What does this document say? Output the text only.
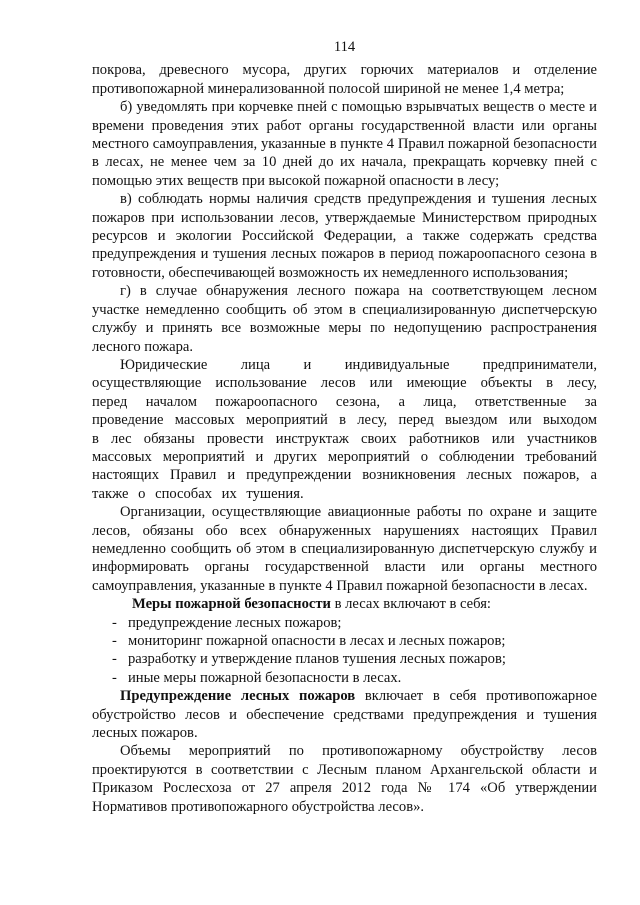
114

покрова, древесного мусора, других горючих материалов и отделение противопожарной минерализованной полосой шириной не менее 1,4 метра;

б) уведомлять при корчевке пней с помощью взрывчатых веществ о месте и времени проведения этих работ органы государственной власти или органы местного самоуправления, указанные в пункте 4 Правил пожарной безопасности в лесах, не менее чем за 10 дней до их начала, прекращать корчевку пней с помощью этих веществ при высокой пожарной опасности в лесу;

в) соблюдать нормы наличия средств предупреждения и тушения лесных пожаров при использовании лесов, утверждаемые Министерством природных ресурсов и экологии Российской Федерации, а также содержать средства предупреждения и тушения лесных пожаров в период пожароопасного сезона в готовности, обеспечивающей возможность их немедленного использования;

г) в случае обнаружения лесного пожара на соответствующем лесном участке немедленно сообщить об этом в специализированную диспетчерскую службу и принять все возможные меры по недопущению распространения лесного пожара.

Юридические лица и индивидуальные предприниматели, осуществляющие использование лесов или имеющие объекты в лесу, перед началом пожароопасного сезона, а лица, ответственные за проведение массовых мероприятий в лесу, перед выездом или выходом в лес обязаны провести инструктаж своих работников или участников массовых мероприятий и других мероприятий о соблюдении требований настоящих Правил и предупреждении возникновения лесных пожаров, а также о способах их тушения.

Организации, осуществляющие авиационные работы по охране и защите лесов, обязаны обо всех обнаруженных нарушениях настоящих Правил немедленно сообщить об этом в специализированную диспетчерскую службу и информировать органы государственной власти или органы местного самоуправления, указанные в пункте 4 Правил пожарной безопасности в лесах.

Меры пожарной безопасности в лесах включают в себя:

- предупреждение лесных пожаров;
- мониторинг пожарной опасности в лесах и лесных пожаров;
- разработку и утверждение планов тушения лесных пожаров;
- иные меры пожарной безопасности в лесах.

Предупреждение лесных пожаров включает в себя противопожарное обустройство лесов и обеспечение средствами предупреждения и тушения лесных пожаров.

Объемы мероприятий по противопожарному обустройству лесов проектируются в соответствии с Лесным планом Архангельской области и Приказом Рослесхоза от 27 апреля 2012 года № 174 «Об утверждении Нормативов противопожарного обустройства лесов».
